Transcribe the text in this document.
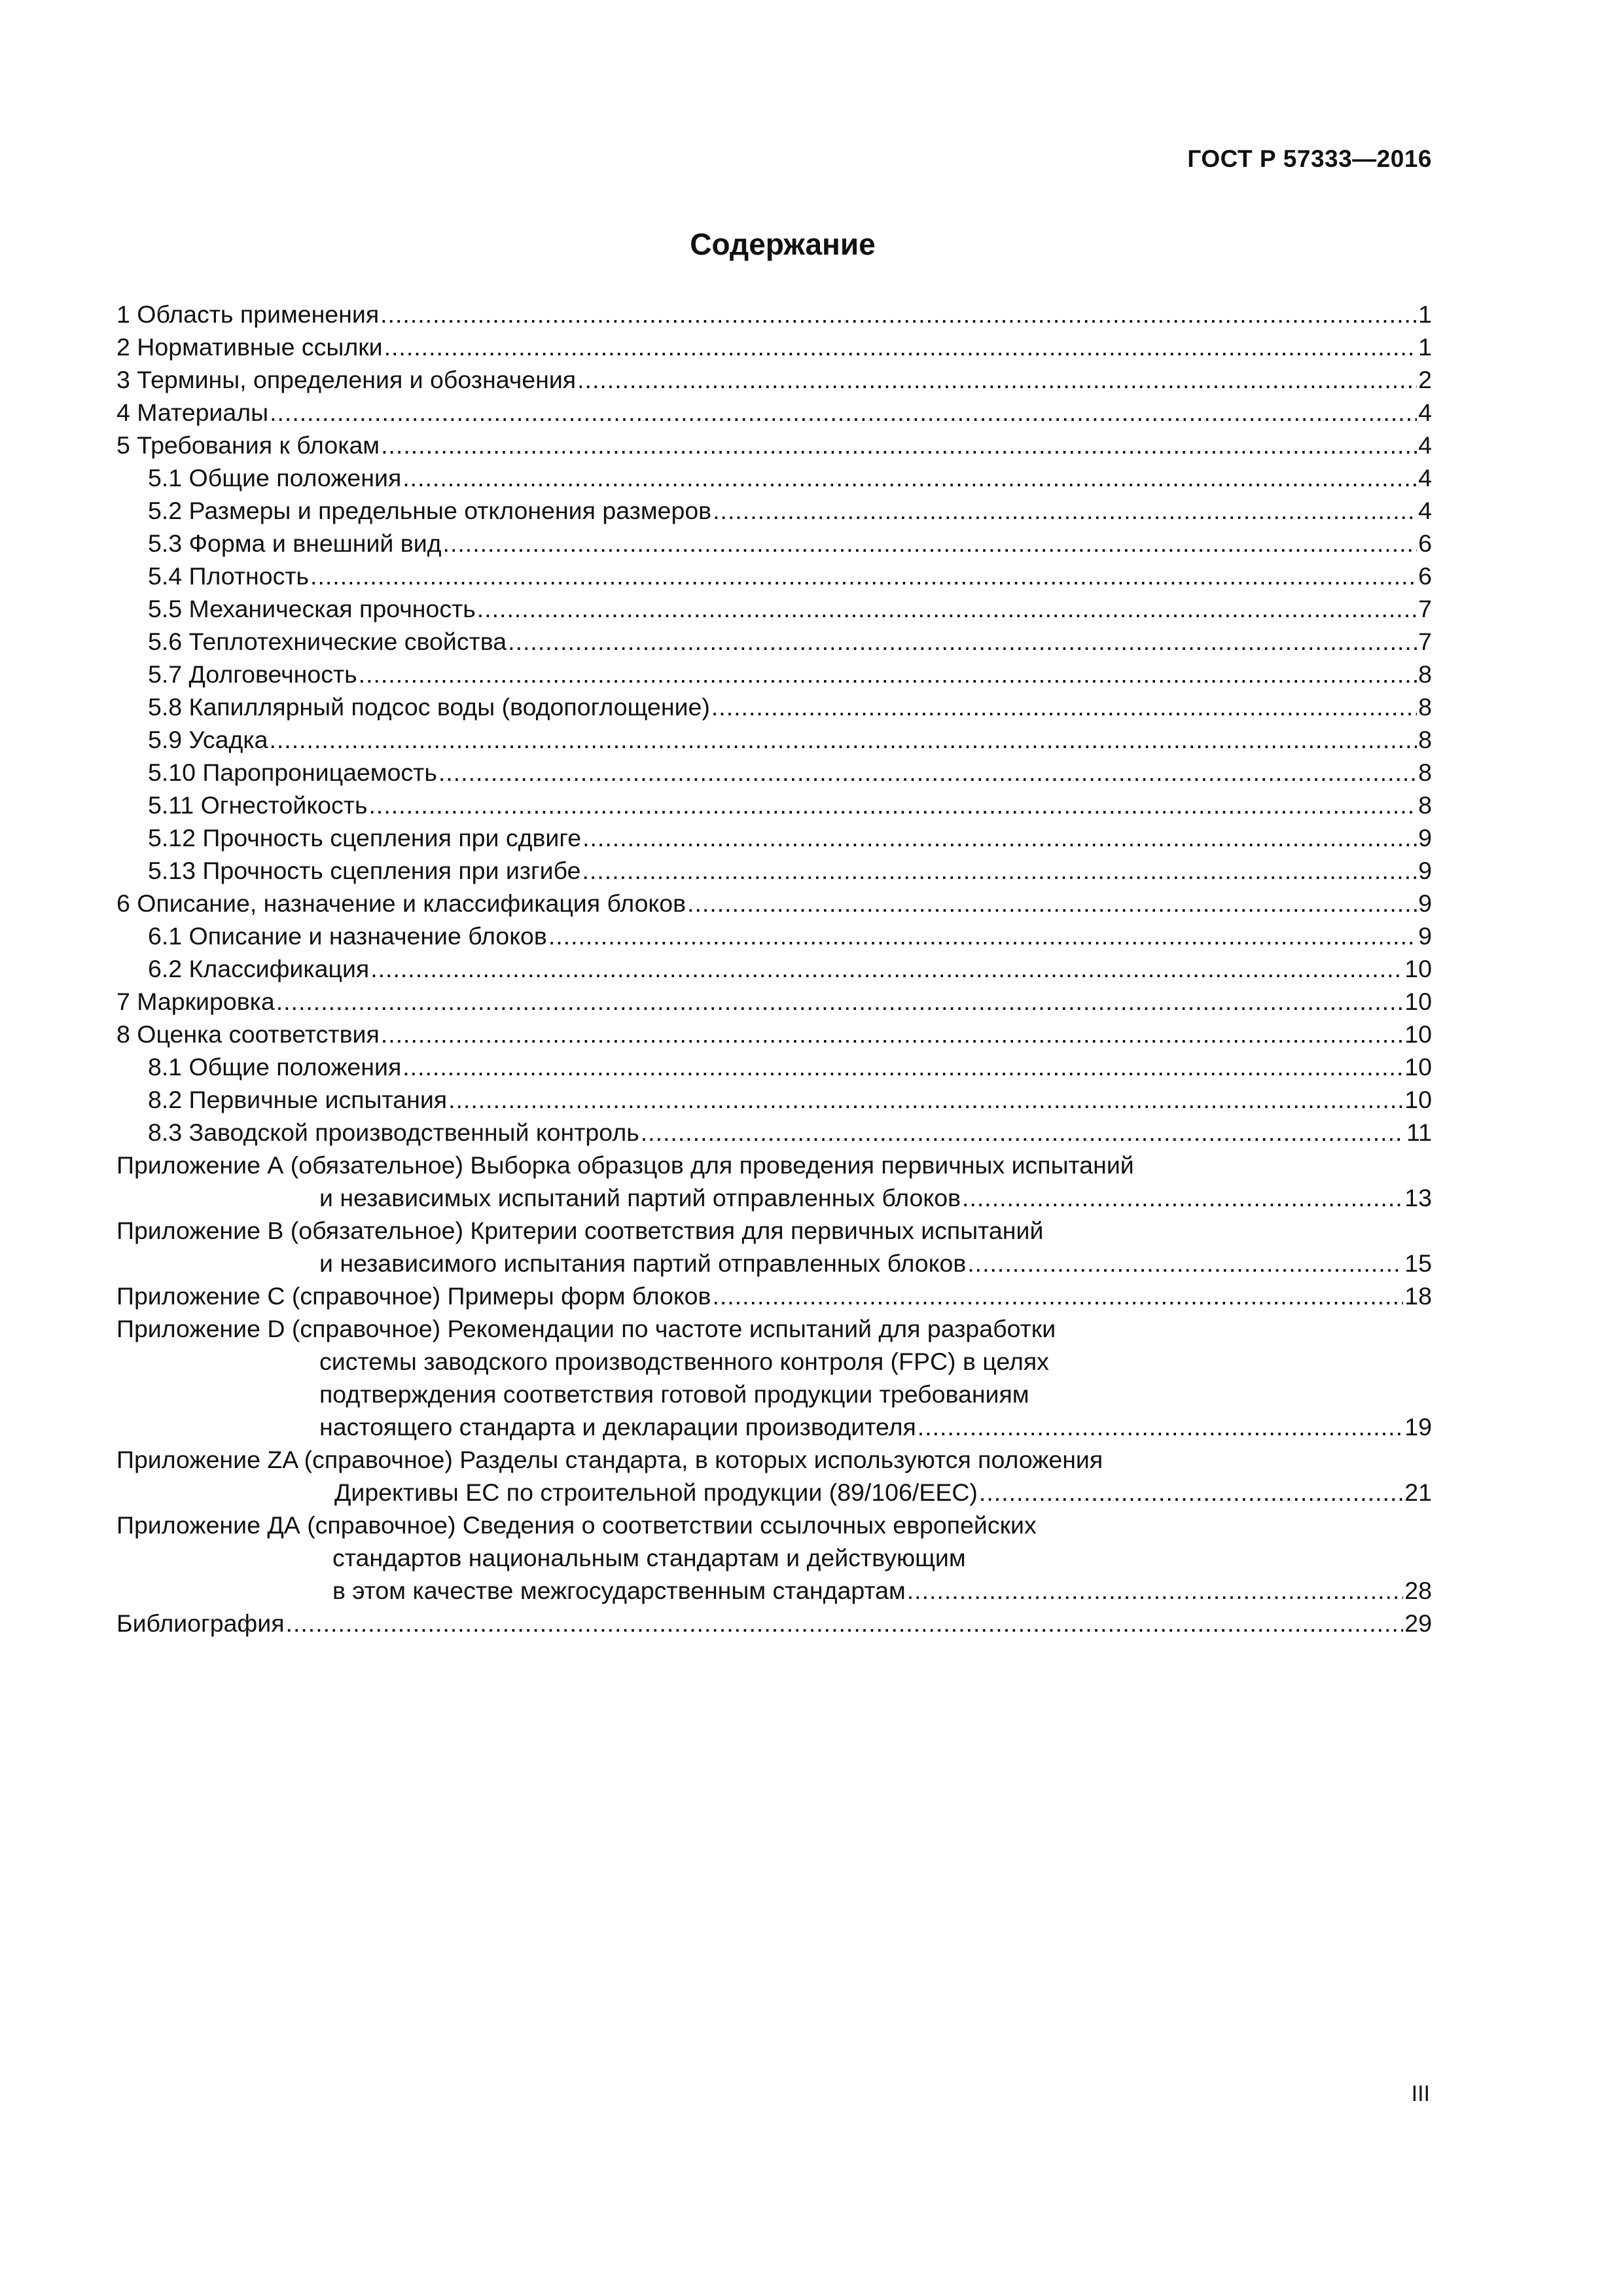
ГОСТ Р 57333—2016
Содержание
1 Область применения .....	1
2 Нормативные ссылки .....	1
3 Термины, определения и обозначения .....	2
4 Материалы .....	4
5 Требования к блокам .....	4
5.1 Общие положения .....	4
5.2 Размеры и предельные отклонения размеров .....	4
5.3 Форма и внешний вид .....	6
5.4 Плотность .....	6
5.5 Механическая прочность .....	7
5.6 Теплотехнические свойства .....	7
5.7 Долговечность .....	8
5.8 Капиллярный подсос воды (водопоглощение) .....	8
5.9 Усадка .....	8
5.10 Паропроницаемость .....	8
5.11 Огнестойкость .....	8
5.12 Прочность сцепления при сдвиге .....	9
5.13 Прочность сцепления при изгибе .....	9
6 Описание, назначение и классификация блоков .....	9
6.1 Описание и назначение блоков .....	9
6.2 Классификация .....	10
7 Маркировка .....	10
8 Оценка соответствия .....	10
8.1 Общие положения .....	10
8.2 Первичные испытания .....	10
8.3 Заводской производственный контроль .....	11
Приложение А (обязательное) Выборка образцов для проведения первичных испытаний
и независимых испытаний партий отправленных блоков .....	13
Приложение В (обязательное) Критерии соответствия для первичных испытаний
и независимого испытания партий отправленных блоков .....	15
Приложение С (справочное) Примеры форм блоков .....	18
Приложение D (справочное) Рекомендации по частоте испытаний для разработки
системы заводского производственного контроля (FPC) в целях
подтверждения соответствия готовой продукции требованиям
настоящего стандарта и декларации производителя .....	19
Приложение ZA (справочное) Разделы стандарта, в которых используются положения
Директивы ЕС по строительной продукции (89/106/EEC) .....	21
Приложение ДА (справочное) Сведения о соответствии ссылочных европейских
стандартов национальным стандартам и действующим
в этом качестве межгосударственным стандартам .....	28
Библиография .....	29
III
